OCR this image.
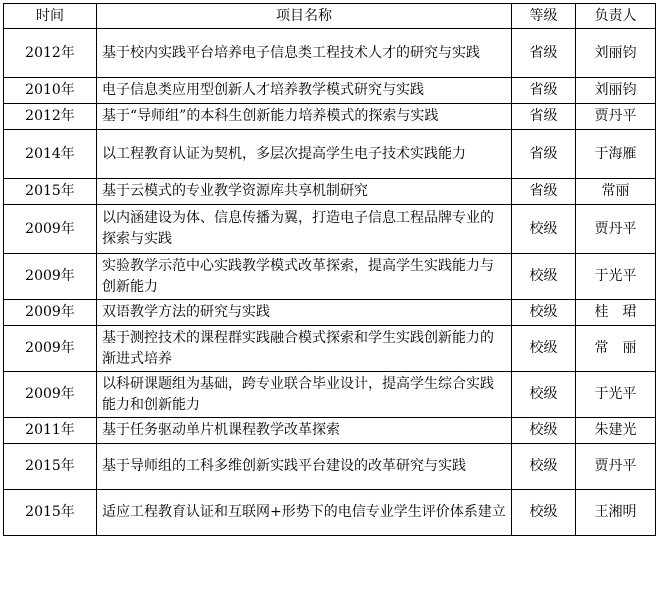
时间	项目名称	等级	负责人
2012年	基于校内实践平台培养电子信息类工程技术人才的研究与实践	省级	刘丽钧
2010年	电子信息类应用型创新人才培养教学模式研究与实践	省级	刘丽钧
2012年	基于“导师组”的本科生创新能力培养模式的探索与实践	省级	贾丹平
2014年	以工程教育认证为契机，多层次提高学生电子技术实践能力	省级	于海雁
2015年	基于云模式的专业教学资源库共享机制研究	省级	常丽
2009年	以内涵建设为体、信息传播为翼，打造电子信息工程品牌专业的探索与实践	校级	贾丹平
2009年	实验教学示范中心实践教学模式改革探索，提高学生实践能力与创新能力	校级	于光平
2009年	双语教学方法的研究与实践	校级	桂　珺
2009年	基于测控技术的课程群实践融合模式探索和学生实践创新能力的渐进式培养	校级	常　丽
2009年	以科研课题组为基础，跨专业联合毕业设计，提高学生综合实践能力和创新能力	校级	于光平
2011年	基于任务驱动单片机课程教学改革探索	校级	朱建光
2015年	基于导师组的工科多维创新实践平台建设的改革研究与实践	校级	贾丹平
2015年	适应工程教育认证和互联网+形势下的电信专业学生评价体系建立	校级	王湘明
